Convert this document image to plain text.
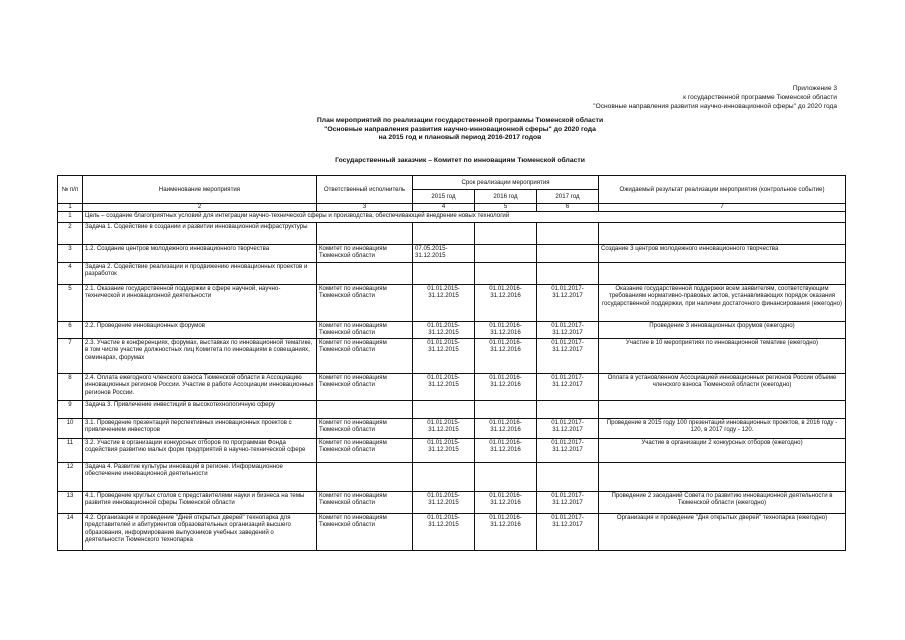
Приложение 3
к государственной программе Тюменской области
"Основные направления развития научно-инновационной сферы" до 2020 года
План мероприятий по реализации государственной программы Тюменской области
"Основные направления развития научно-инновационной сферы" до 2020 года
на 2015 год и плановый период 2016-2017 годов
Государственный заказчик – Комитет по инновациям Тюменской области
№ п/п	Наименование мероприятия	Ответственный исполнитель	Срок реализации мероприятия			Ожидаемый результат реализации мероприятия (контрольное событие)
			2015 год	2016 год	2017 год	
1	2	3	4	5	6	7
1	Цель – создание благоприятных условий для интеграции научно-технической сферы и производства, обеспечивающей внедрение новых технологий					
2	Задача 1. Содействие в создании и развитии инновационной инфраструктуры					
3	1.2. Создание центров молодежного инновационного творчества	Комитет по инновациям Тюменской области	07.05.2015-31.12.2015			Создание 3 центров молодежного инновационного творчества
4	Задача 2. Содействие реализации и продвижению инновационных проектов и разработок					
5	2.1. Оказание государственной поддержки в сфере научной, научно-технической и инновационной деятельности	Комитет по инновациям Тюменской области	01.01.2015-31.12.2015	01.01.2016-31.12.2016	01.01.2017-31.12.2017	Оказание государственной поддержки всем заявителям, соответствующим требованиям нормативно-правовых актов, устанавливающих порядок оказания государственной поддержки, при наличии достаточного финансирования (ежегодно)
6	2.2. Проведение инновационных форумов	Комитет по инновациям Тюменской области	01.01.2015-31.12.2015	01.01.2016-31.12.2016	01.01.2017-31.12.2017	Проведение 3 инновационных форумов (ежегодно)
7	2.3. Участие в конференциях, форумах, выставках по инновационной тематике, в том числе участие должностных лиц Комитета по инновациям в совещаниях, семинарах, форумах	Комитет по инновациям Тюменской области	01.01.2015-31.12.2015	01.01.2016-31.12.2016	01.01.2017-31.12.2017	Участие в 10 мероприятиях по инновационной тематике (ежегодно)
8	2.4. Оплата ежегодного членского взноса Тюменской области в Ассоциацию инновационных регионов России. Участие в работе Ассоциации инновационных регионов России.	Комитет по инновациям Тюменской области	01.01.2015-31.12.2015	01.01.2016-31.12.2016	01.01.2017-31.12.2017	Оплата в установленном Ассоциацией инновационных регионов России объеме членского взноса Тюменской области (ежегодно)
9	Задача 3. Привлечение инвестиций в высокотехнологичную сферу					
10	3.1. Проведение презентаций перспективных инновационных проектов с привлечением инвесторов	Комитет по инновациям Тюменской области	01.01.2015-31.12.2015	01.01.2016-31.12.2016	01.01.2017-31.12.2017	Проведение в 2015 году 100 презентаций инновационных проектов, в 2016 году - 120, в 2017 году - 120.
11	3.2. Участие в организации конкурсных отборов по программам Фонда содействия развитию малых форм предприятий в научно-технической сфере	Комитет по инновациям Тюменской области	01.01.2015-31.12.2015	01.01.2016-31.12.2016	01.01.2017-31.12.2017	Участие в организации 2 конкурсных отборов (ежегодно)
12	Задача 4. Развитие культуры инноваций в регионе. Информационное обеспечение инновационной деятельности					
13	4.1. Проведение круглых столов с представителями науки и бизнеса на темы развития инновационной сферы Тюменской области	Комитет по инновациям Тюменской области	01.01.2015-31.12.2015	01.01.2016-31.12.2016	01.01.2017-31.12.2017	Проведение 2 заседаний Совета по развитию инновационной деятельности в Тюменской области (ежегодно)
14	4.2. Организация и проведение "Дней открытых дверей" технопарка для представителей и абитуриентов образовательных организаций высшего образования, информирование выпускников учебных заведений о деятельности Тюменского технопарка	Комитет по инновациям Тюменской области	01.01.2015-31.12.2015	01.01.2016-31.12.2016	01.01.2017-31.12.2017	Организация и проведение "Дня открытых дверей" технопарка (ежегодно)
